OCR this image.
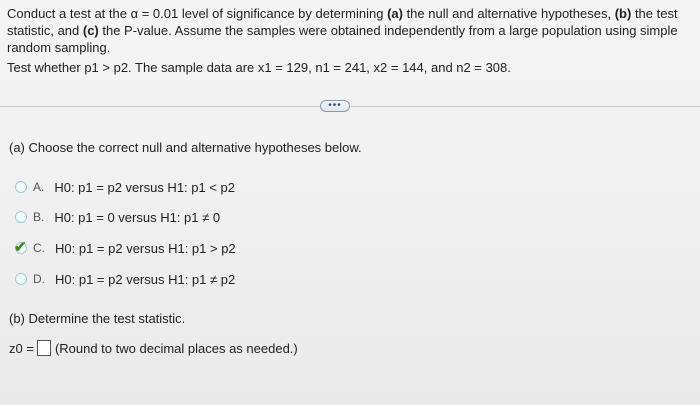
Conduct a test at the α = 0.01 level of significance by determining (a) the null and alternative hypotheses, (b) the test statistic, and (c) the P-value. Assume the samples were obtained independently from a large population using simple random sampling.

Test whether p1 > p2. The sample data are x1 = 129, n1 = 241, x2 = 144, and n2 = 308.

•••
(a) Choose the correct null and alternative hypotheses below.
A. H0: p1 = p2 versus H1: p1 < p2
B. H0: p1 = 0 versus H1: p1 ≠ 0
✔ C. H0: p1 = p2 versus H1: p1 > p2
D. H0: p1 = p2 versus H1: p1 ≠ p2
(b) Determine the test statistic.
z0 = (Round to two decimal places as needed.)
